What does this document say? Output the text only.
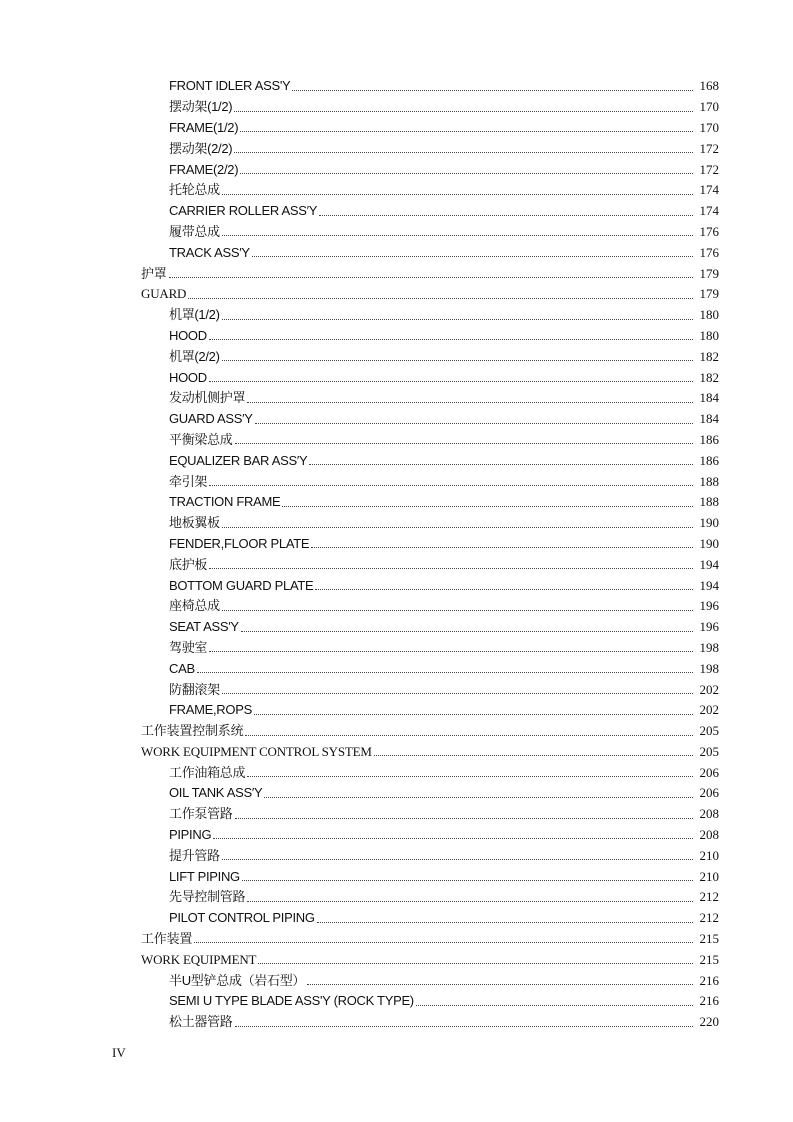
FRONT IDLER ASS'Y	168
摆动架(1/2)	170
FRAME(1/2)	170
摆动架(2/2)	172
FRAME(2/2)	172
托轮总成	174
CARRIER ROLLER ASS′Y	174
履带总成	176
TRACK ASS′Y	176
护罩	179
GUARD	179
机罩(1/2)	180
HOOD	180
机罩(2/2)	182
HOOD	182
发动机侧护罩	184
GUARD ASS′Y	184
平衡梁总成	186
EQUALIZER BAR ASS′Y	186
牵引架	188
TRACTION FRAME	188
地板翼板	190
FENDER,FLOOR PLATE	190
底护板	194
BOTTOM GUARD PLATE	194
座椅总成	196
SEAT ASS′Y	196
驾驶室	198
CAB	198
防翻滚架	202
FRAME,ROPS	202
工作装置控制系统	205
WORK EQUIPMENT CONTROL SYSTEM	205
工作油箱总成	206
OIL TANK ASS′Y	206
工作泵管路	208
PIPING	208
提升管路	210
LIFT PIPING	210
先导控制管路	212
PILOT CONTROL PIPING	212
工作装置	215
WORK EQUIPMENT	215
半U型铲总成（岩石型）	216
SEMI U TYPE BLADE ASS'Y (ROCK TYPE)	216
松土器管路	220
IV
